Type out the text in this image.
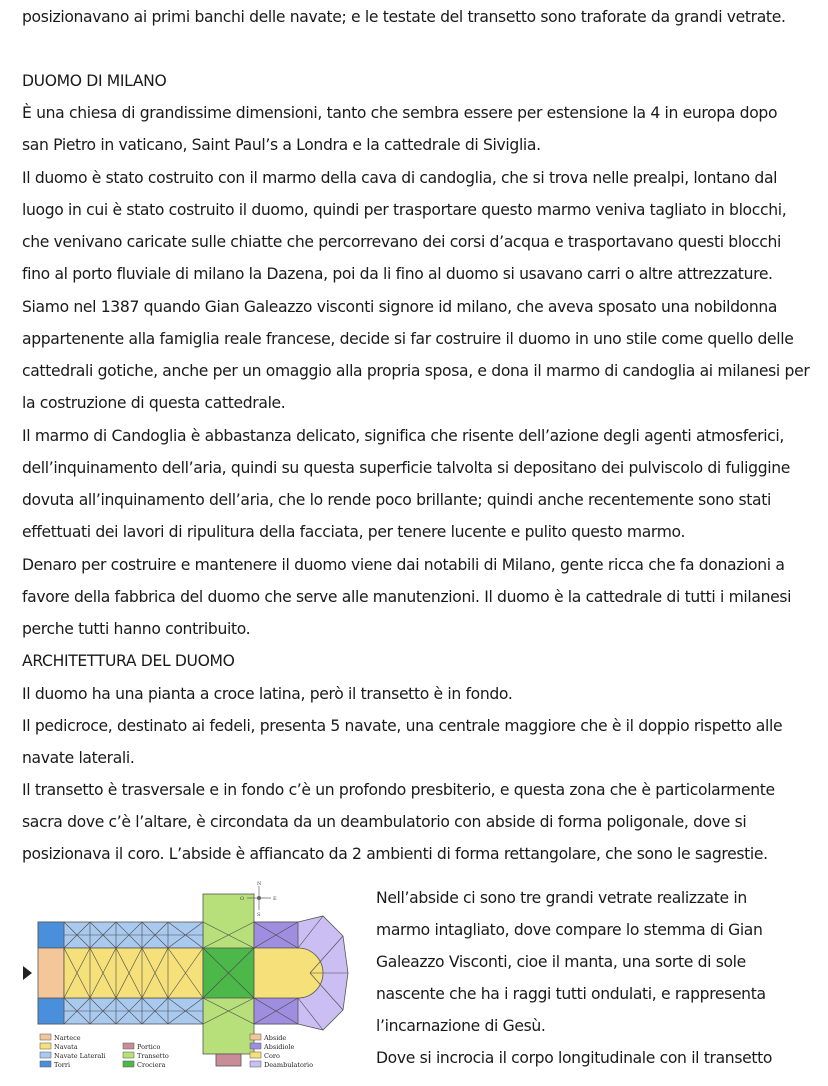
posizionavano ai primi banchi delle navate; e le testate del transetto sono traforate da grandi vetrate.
DUOMO DI MILANO
È una chiesa di grandissime dimensioni, tanto che sembra essere per estensione la 4 in europa dopo
san Pietro in vaticano, Saint Paul’s a Londra e la cattedrale di Siviglia.
Il duomo è stato costruito con il marmo della cava di candoglia, che si trova nelle prealpi, lontano dal
luogo in cui è stato costruito il duomo, quindi per trasportare questo marmo veniva tagliato in blocchi,
che venivano caricate sulle chiatte che percorrevano dei corsi d’acqua e trasportavano questi blocchi
fino al porto fluviale di milano la Dazena, poi da li fino al duomo si usavano carri o altre attrezzature.
Siamo nel 1387 quando Gian Galeazzo visconti signore id milano, che aveva sposato una nobildonna
appartenente alla famiglia reale francese, decide si far costruire il duomo in uno stile come quello delle
cattedrali gotiche, anche per un omaggio alla propria sposa, e dona il marmo di candoglia ai milanesi per
la costruzione di questa cattedrale.
Il marmo di Candoglia è abbastanza delicato, significa che risente dell’azione degli agenti atmosferici,
dell’inquinamento dell’aria, quindi su questa superficie talvolta si depositano dei pulviscolo di fuliggine
dovuta all’inquinamento dell’aria, che lo rende poco brillante; quindi anche recentemente sono stati
effettuati dei lavori di ripulitura della facciata, per tenere lucente e pulito questo marmo.
Denaro per costruire e mantenere il duomo viene dai notabili di Milano, gente ricca che fa donazioni a
favore della fabbrica del duomo che serve alle manutenzioni. Il duomo è la cattedrale di tutti i milanesi
perche tutti hanno contribuito.
ARCHITETTURA DEL DUOMO
Il duomo ha una pianta a croce latina, però il transetto è in fondo.
Il pedicroce, destinato ai fedeli, presenta 5 navate, una centrale maggiore che è il doppio rispetto alle
navate laterali.
Il transetto è trasversale e in fondo c’è un profondo presbiterio, e questa zona che è particolarmente
sacra dove c’è l’altare, è circondata da un deambulatorio con abside di forma poligonale, dove si
posizionava il coro. L’abside è affiancato da 2 ambienti di forma rettangolare, che sono le sagrestie.
Nell’abside ci sono tre grandi vetrate realizzate in
marmo intagliato, dove compare lo stemma di Gian
Galeazzo Visconti, cioe il manta, una sorte di sole
nascente che ha i raggi tutti ondulati, e rappresenta
l’incarnazione di Gesù.
Dove si incrocia il corpo longitudinale con il transetto
N
O	E
S
Nartece
Navata
Navate Laterali
Torri
Portico
Transetto
Crociera
Abside
Absidiole
Coro
Deambulatorio
